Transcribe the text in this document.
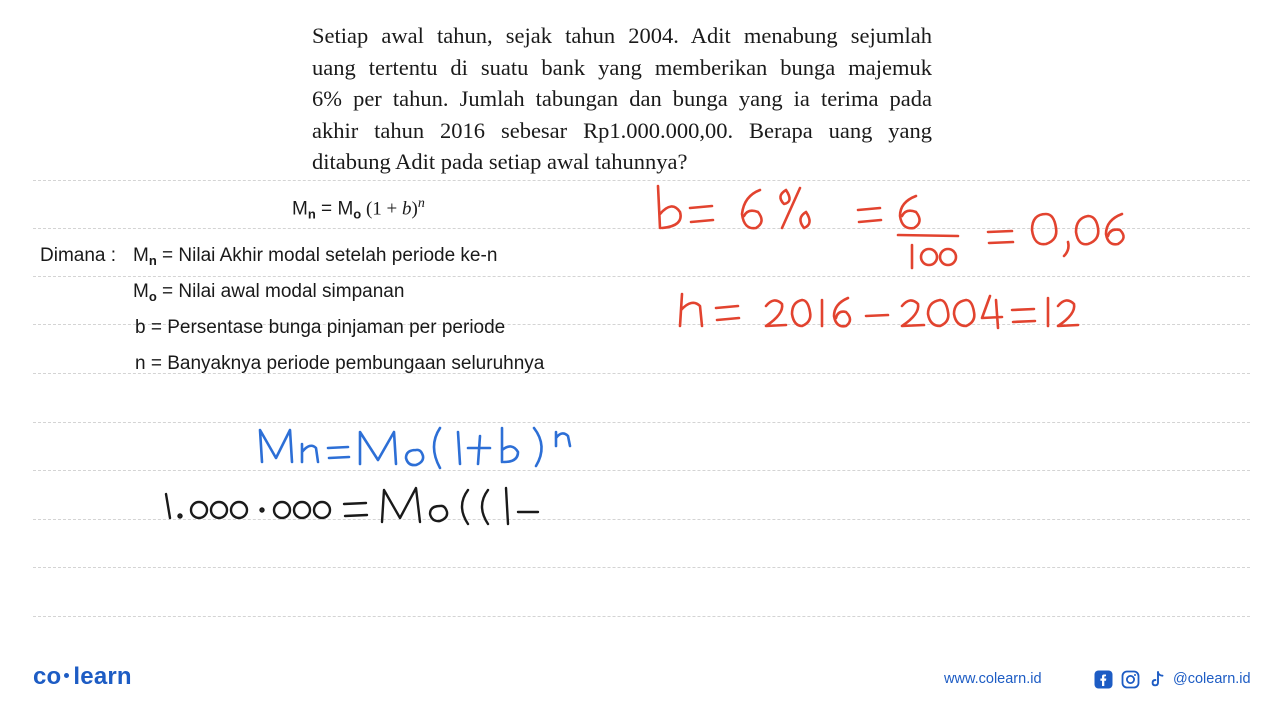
Setiap awal tahun, sejak tahun 2004. Adit menabung sejumlah
uang tertentu di suatu bank yang memberikan bunga majemuk
6% per tahun. Jumlah tabungan dan bunga yang ia terima pada
akhir tahun 2016 sebesar Rp1.000.000,00. Berapa uang yang
ditabung Adit pada setiap awal tahunnya?
$M_n = M_o$ $(1 + b)^n$
Dimana : $M_n$ = Nilai Akhir modal setelah periode ke-n
$M_o$ = Nilai awal modal simpanan
b = Persentase bunga pinjaman per periode
n = Banyaknya periode pembungaan seluruhnya
co learn	www.colearn.id	@colearn.id
